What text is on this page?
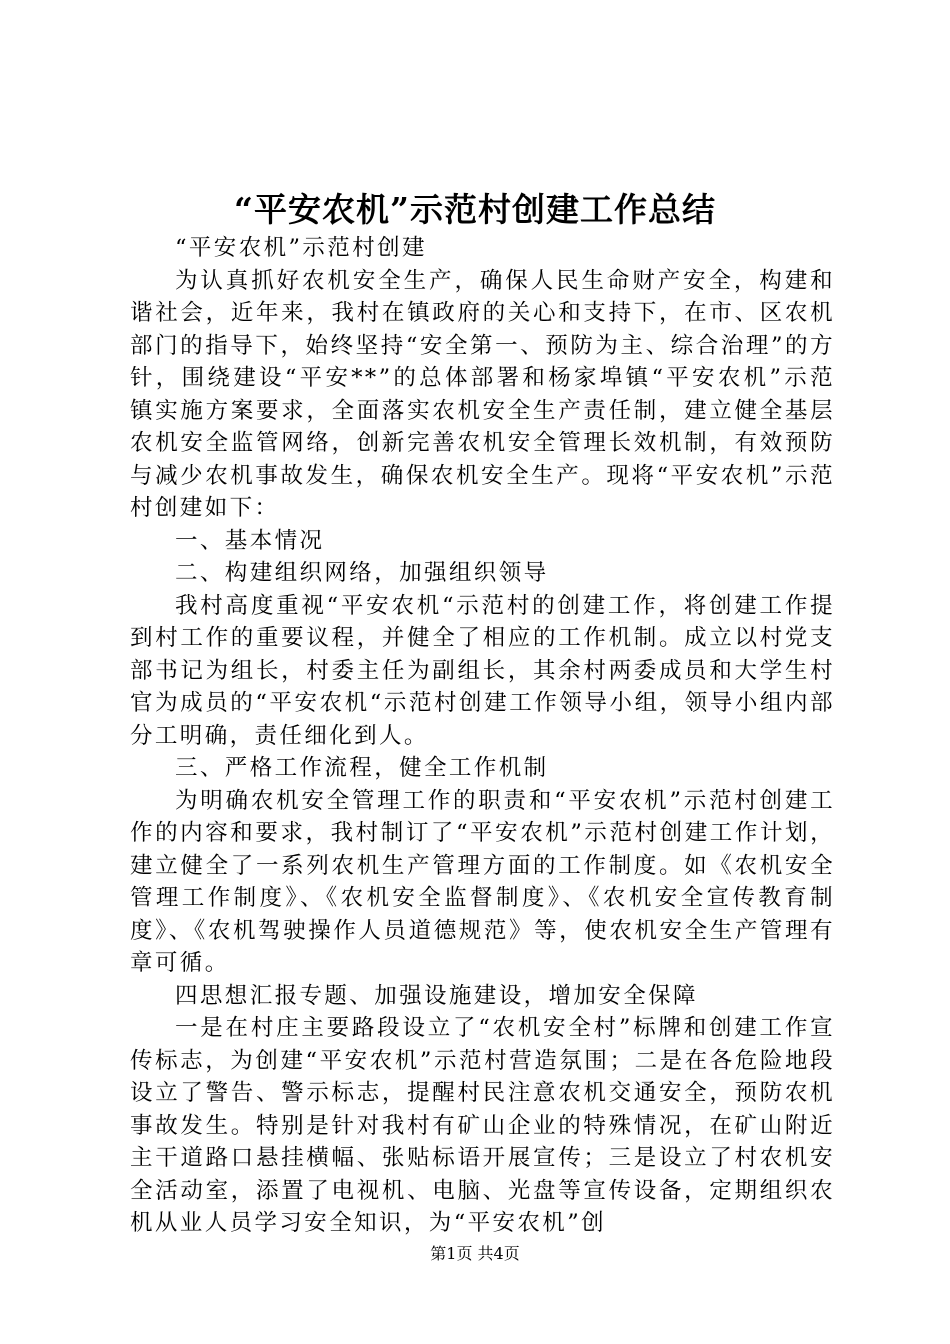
“平安农机”示范村创建工作总结

“平安农机”示范村创建

为认真抓好农机安全生产，确保人民生命财产安全，构建和谐社会，近年来，我村在镇政府的关心和支持下，在市、区农机部门的指导下，始终坚持“安全第一、预防为主、综合治理”的方针，围绕建设“平安**”的总体部署和杨家埠镇“平安农机”示范镇实施方案要求，全面落实农机安全生产责任制，建立健全基层农机安全监管网络，创新完善农机安全管理长效机制，有效预防与减少农机事故发生，确保农机安全生产。现将“平安农机”示范村创建如下：

一、基本情况

二、构建组织网络，加强组织领导

我村高度重视“平安农机“示范村的创建工作，将创建工作提到村工作的重要议程，并健全了相应的工作机制。成立以村党支部书记为组长，村委主任为副组长，其余村两委成员和大学生村官为成员的“平安农机“示范村创建工作领导小组，领导小组内部分工明确，责任细化到人。

三、严格工作流程，健全工作机制

为明确农机安全管理工作的职责和“平安农机”示范村创建工作的内容和要求，我村制订了“平安农机”示范村创建工作计划，建立健全了一系列农机生产管理方面的工作制度。如《农机安全管理工作制度》、《农机安全监督制度》、《农机安全宣传教育制度》、《农机驾驶操作人员道德规范》等，使农机安全生产管理有章可循。

四思想汇报专题、加强设施建设，增加安全保障

一是在村庄主要路段设立了“农机安全村”标牌和创建工作宣传标志，为创建“平安农机”示范村营造氛围；二是在各危险地段设立了警告、警示标志，提醒村民注意农机交通安全，预防农机事故发生。特别是针对我村有矿山企业的特殊情况，在矿山附近主干道路口悬挂横幅、张贴标语开展宣传；三是设立了村农机安全活动室，添置了电视机、电脑、光盘等宣传设备，定期组织农机从业人员学习安全知识，为“平安农机”创

第1页 共4页
